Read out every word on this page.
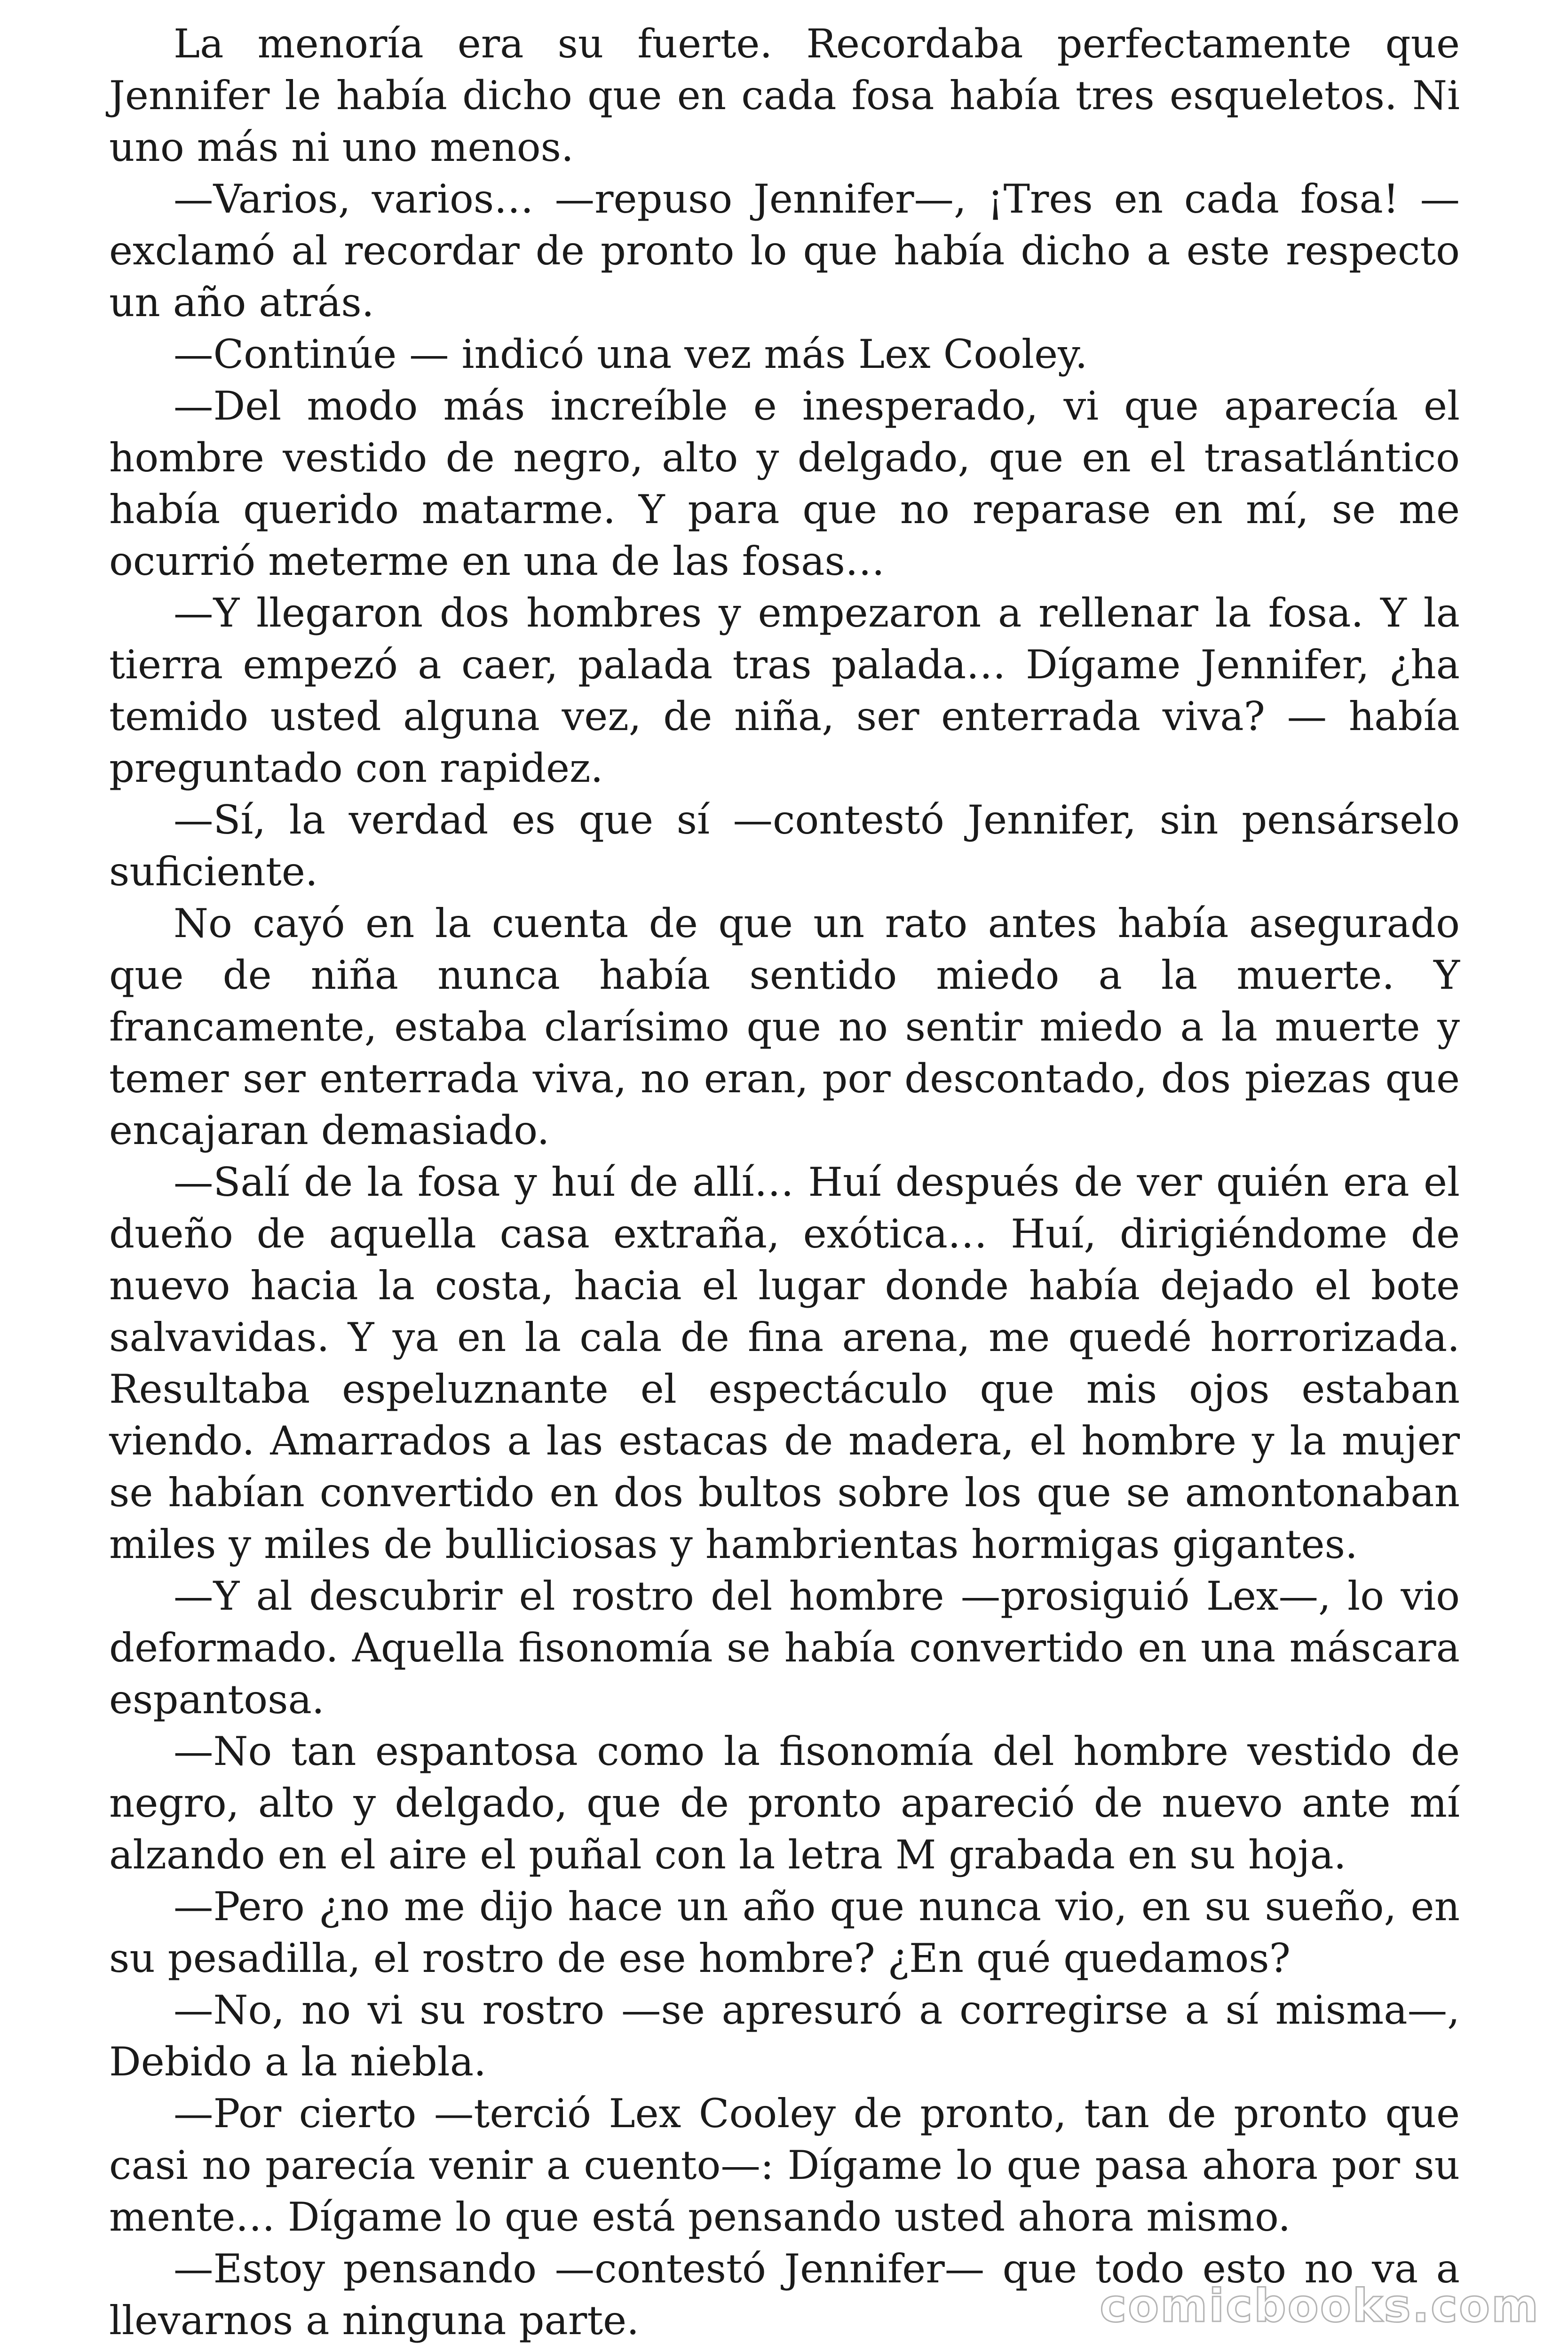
La menoría era su fuerte. Recordaba perfectamente que Jennifer le había dicho que en cada fosa había tres esqueletos. Ni uno más ni uno menos.

—Varios, varios… —repuso Jennifer—, ¡Tres en cada fosa! — exclamó al recordar de pronto lo que había dicho a este respecto un año atrás.

—Continúe — indicó una vez más Lex Cooley.

—Del modo más increíble e inesperado, vi que aparecía el hombre vestido de negro, alto y delgado, que en el trasatlántico había querido matarme. Y para que no reparase en mí, se me ocurrió meterme en una de las fosas…

—Y llegaron dos hombres y empezaron a rellenar la fosa. Y la tierra empezó a caer, palada tras palada… Dígame Jennifer, ¿ha temido usted alguna vez, de niña, ser enterrada viva? — había preguntado con rapidez.

—Sí, la verdad es que sí —contestó Jennifer, sin pensárselo suficiente.

No cayó en la cuenta de que un rato antes había asegurado que de niña nunca había sentido miedo a la muerte. Y francamente, estaba clarísimo que no sentir miedo a la muerte y temer ser enterrada viva, no eran, por descontado, dos piezas que encajaran demasiado.

—Salí de la fosa y huí de allí… Huí después de ver quién era el dueño de aquella casa extraña, exótica… Huí, dirigiéndome de nuevo hacia la costa, hacia el lugar donde había dejado el bote salvavidas. Y ya en la cala de fina arena, me quedé horrorizada. Resultaba espeluznante el espectáculo que mis ojos estaban viendo. Amarrados a las estacas de madera, el hombre y la mujer se habían convertido en dos bultos sobre los que se amontonaban miles y miles de bulliciosas y hambrientas hormigas gigantes.

—Y al descubrir el rostro del hombre —prosiguió Lex—, lo vio deformado. Aquella fisonomía se había convertido en una máscara espantosa.

—No tan espantosa como la fisonomía del hombre vestido de negro, alto y delgado, que de pronto apareció de nuevo ante mí alzando en el aire el puñal con la letra M grabada en su hoja.

—Pero ¿no me dijo hace un año que nunca vio, en su sueño, en su pesadilla, el rostro de ese hombre? ¿En qué quedamos?

—No, no vi su rostro —se apresuró a corregirse a sí misma—, Debido a la niebla.

—Por cierto —terció Lex Cooley de pronto, tan de pronto que casi no parecía venir a cuento—: Dígame lo que pasa ahora por su mente… Dígame lo que está pensando usted ahora mismo.

—Estoy pensando —contestó Jennifer— que todo esto no va a llevarnos a ninguna parte.	comicbooks.com
